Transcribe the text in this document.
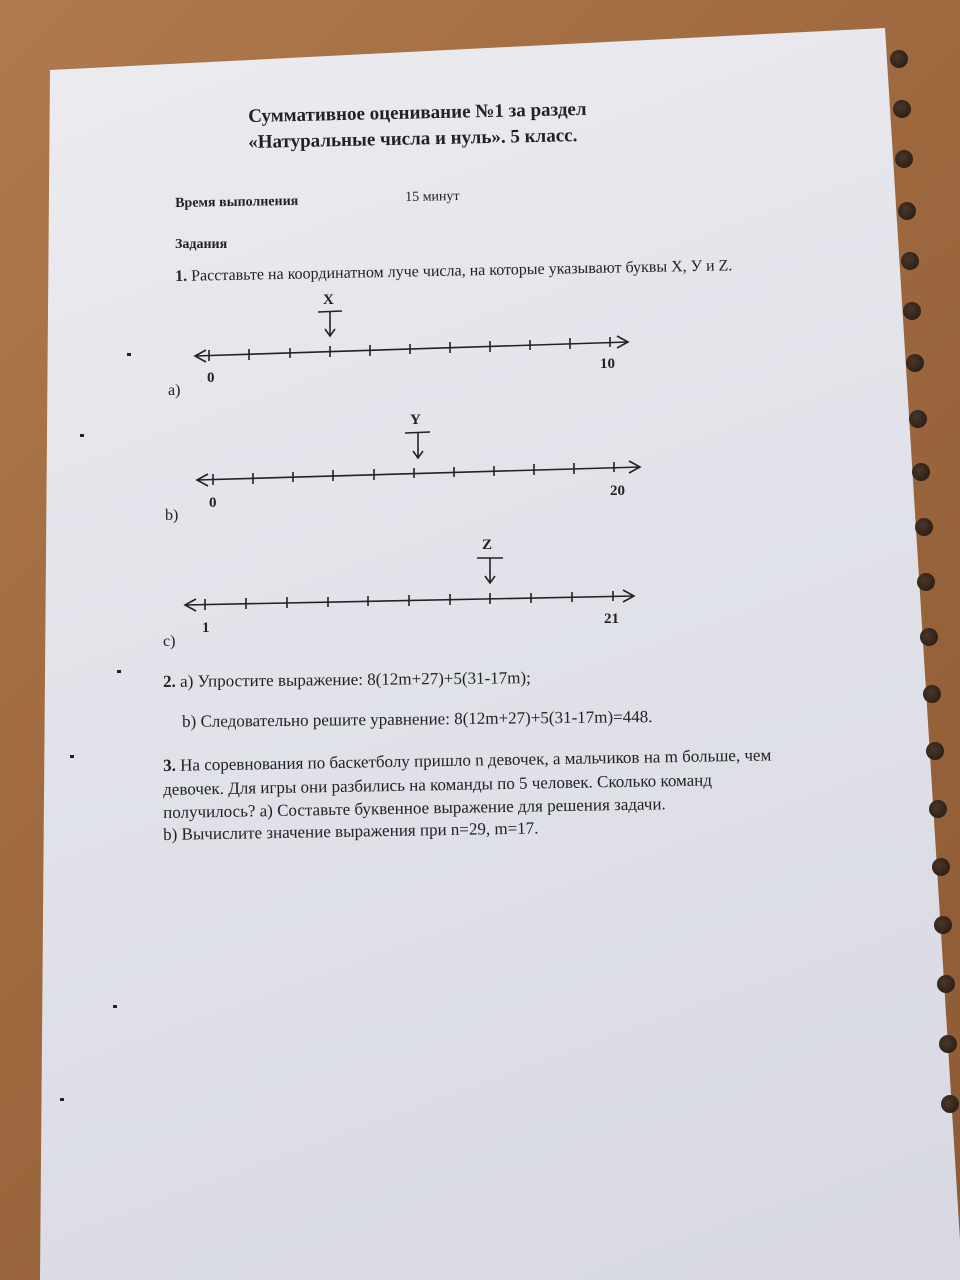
Суммативное оценивание №1 за раздел
«Натуральные числа и нуль». 5 класс.
Время выполнения	15 минут
Задания
1. Расставьте на координатном луче числа, на которые указывают буквы Х, У и Z.
X
0
10
a)
Y
0
20
b)
Z
1
21
c)
2. а) Упростите выражение: 8(12m+27)+5(31-17m);
b) Следовательно решите уравнение: 8(12m+27)+5(31-17m)=448.
3. На соревнования по баскетболу пришло n девочек, а мальчиков на m больше, чем
девочек. Для игры они разбились на команды по 5 человек. Сколько команд
получилось? а) Составьте буквенное выражение для решения задачи.
b) Вычислите значение выражения при n=29, m=17.
